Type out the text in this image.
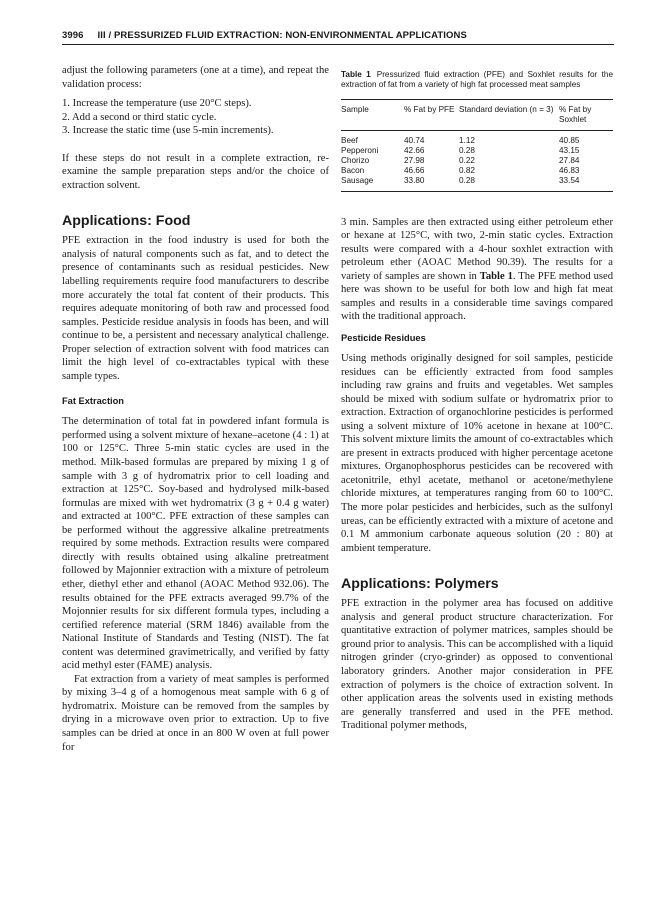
3996 III / PRESSURIZED FLUID EXTRACTION: NON-ENVIRONMENTAL APPLICATIONS

adjust the following parameters (one at a time), and repeat the validation process:

1. Increase the temperature (use 20°C steps).
2. Add a second or third static cycle.
3. Increase the static time (use 5-min increments).

If these steps do not result in a complete extraction, re-examine the sample preparation steps and/or the choice of extraction solvent.

Applications: Food

PFE extraction in the food industry is used for both the analysis of natural components such as fat, and to detect the presence of contaminants such as residual pesticides. New labelling requirements require food manufacturers to describe more accurately the total fat content of their products. This requires adequate monitoring of both raw and processed food samples. Pesticide residue analysis in foods has been, and will continue to be, a persistent and necessary analytical challenge. Proper selection of extraction solvent with food matrices can limit the high level of co-extractables typical with these sample types.

Fat Extraction

The determination of total fat in powdered infant formula is performed using a solvent mixture of hexane–acetone (4 : 1) at 100 or 125°C. Three 5-min static cycles are used in the method. Milk-based formulas are prepared by mixing 1 g of sample with 3 g of hydromatrix prior to cell loading and extraction at 125°C. Soy-based and hydrolysed milk-based formulas are mixed with wet hydromatrix (3 g + 0.4 g water) and extracted at 100°C. PFE extraction of these samples can be performed without the aggressive alkaline pretreatments required by some methods. Extraction results were compared directly with results obtained using alkaline pretreatment followed by Majonnier extraction with a mixture of petroleum ether, diethyl ether and ethanol (AOAC Method 932.06). The results obtained for the PFE extracts averaged 99.7% of the Mojonnier results for six different formula types, including a certified reference material (SRM 1846) available from the National Institute of Standards and Testing (NIST). The fat content was determined gravimetrically, and verified by fatty acid methyl ester (FAME) analysis.

Fat extraction from a variety of meat samples is performed by mixing 3–4 g of a homogenous meat sample with 6 g of hydromatrix. Moisture can be removed from the samples by drying in a microwave oven prior to extraction. Up to five samples can be dried at once in an 800 W oven at full power for

Table 1 Pressurized fluid extraction (PFE) and Soxhlet results for the extraction of fat from a variety of high fat processed meat samples

Sample	% Fat by PFE	Standard deviation (n = 3)	% Fat by Soxhlet
Beef	40.74	1.12	40.85
Pepperoni	42.66	0.28	43.15
Chorizo	27.98	0.22	27.84
Bacon	46.66	0.82	46.83
Sausage	33.80	0.28	33.54

3 min. Samples are then extracted using either petroleum ether or hexane at 125°C, with two, 2-min static cycles. Extraction results were compared with a 4-hour soxhlet extraction with petroleum ether (AOAC Method 90.39). The results for a variety of samples are shown in Table 1. The PFE method used here was shown to be useful for both low and high fat meat samples and results in a considerable time savings compared with the traditional approach.

Pesticide Residues

Using methods originally designed for soil samples, pesticide residues can be efficiently extracted from food samples including raw grains and fruits and vegetables. Wet samples should be mixed with sodium sulfate or hydromatrix prior to extraction. Extraction of organochlorine pesticides is performed using a solvent mixture of 10% acetone in hexane at 100°C. This solvent mixture limits the amount of co-extractables which are present in extracts produced with higher percentage acetone mixtures. Organophosphorus pesticides can be recovered with acetonitrile, ethyl acetate, methanol or acetone/methylene chloride mixtures, at temperatures ranging from 60 to 100°C. The more polar pesticides and herbicides, such as the sulfonyl ureas, can be efficiently extracted with a mixture of acetone and 0.1 M ammonium carbonate aqueous solution (20 : 80) at ambient temperature.

Applications: Polymers

PFE extraction in the polymer area has focused on additive analysis and general product structure characterization. For quantitative extraction of polymer matrices, samples should be ground prior to analysis. This can be accomplished with a liquid nitrogen grinder (cryo-grinder) as opposed to conventional laboratory grinders. Another major consideration in PFE extraction of polymers is the choice of extraction solvent. In other application areas the solvents used in existing methods are generally transferred and used in the PFE method. Traditional polymer methods,
